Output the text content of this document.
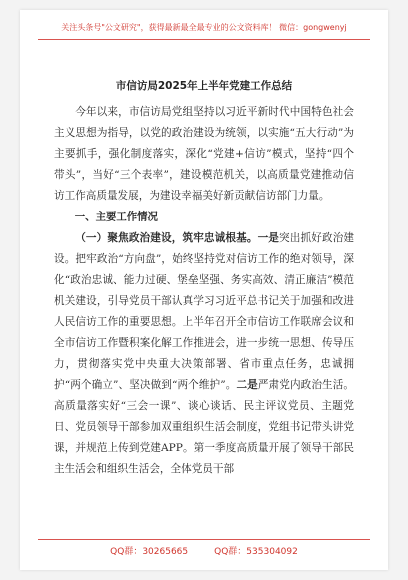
关注头条号"公文研究"，获得最新最全最专业的公文资料库！ 微信：gongwenyj
市信访局2025年上半年党建工作总结

今年以来，市信访局党组坚持以习近平新时代中国特色社会主义思想为指导，以党的政治建设为统领，以实施“五大行动”为主要抓手，强化制度落实，深化“党建+信访”模式，坚持“四个带头”，当好“三个表率”，建设模范机关，以高质量党建推动信访工作高质量发展，为建设幸福美好新贡献信访部门力量。

一、主要工作情况

（一）聚焦政治建设，筑牢忠诚根基。一是突出抓好政治建设。把牢政治“方向盘”，始终坚持党对信访工作的绝对领导，深化“政治忠诚、能力过硬、堡垒坚强、务实高效、清正廉洁”模范机关建设，引导党员干部认真学习习近平总书记关于加强和改进人民信访工作的重要思想。上半年召开全市信访工作联席会议和全市信访工作暨积案化解工作推进会，进一步统一思想、传导压力，贯彻落实党中央重大决策部署、省市重点任务，忠诚拥护“两个确立”、坚决做到“两个维护”。二是严肃党内政治生活。高质量落实好“三会一课”、谈心谈话、民主评议党员、主题党日、党员领导干部参加双重组织生活会制度，党组书记带头讲党课，并规范上传到党建APP。第一季度高质量开展了领导干部民主生活会和组织生活会，全体党员干部

QQ群：30265665	QQ群：535304092
